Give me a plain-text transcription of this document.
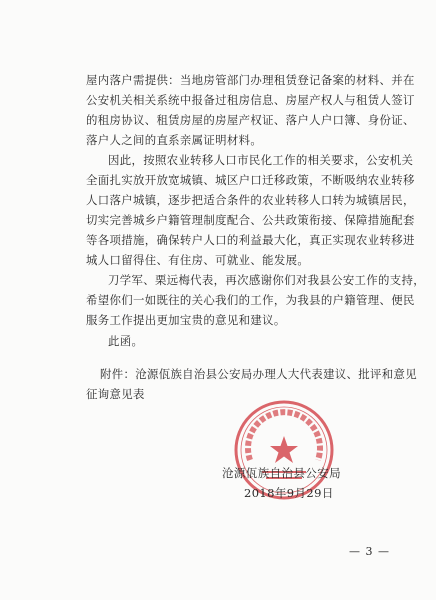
屋内落户需提供：当地房管部门办理租赁登记备案的材料、并在
公安机关相关系统中报备过租房信息、房屋产权人与租赁人签订
的租房协议、租赁房屋的房屋产权证、落户人户口簿、身份证、
落户人之间的直系亲属证明材料。
因此，按照农业转移人口市民化工作的相关要求，公安机关
全面扎实放开放宽城镇、城区户口迁移政策，不断吸纳农业转移
人口落户城镇，逐步把适合条件的农业转移人口转为城镇居民，
切实完善城乡户籍管理制度配合、公共政策衔接、保障措施配套
等各项措施，确保转户人口的利益最大化，真正实现农业转移进
城人口留得住、有住房、可就业、能发展。
刀学军、栗远梅代表，再次感谢你们对我县公安工作的支持，
希望你们一如既往的关心我们的工作，为我县的户籍管理、便民
服务工作提出更加宝贵的意见和建议。
此函。
附件：沧源佤族自治县公安局办理人大代表建议、批评和意见
征询意见表
沧源佤族自治县公安局
2018年9月29日
— 3 —
